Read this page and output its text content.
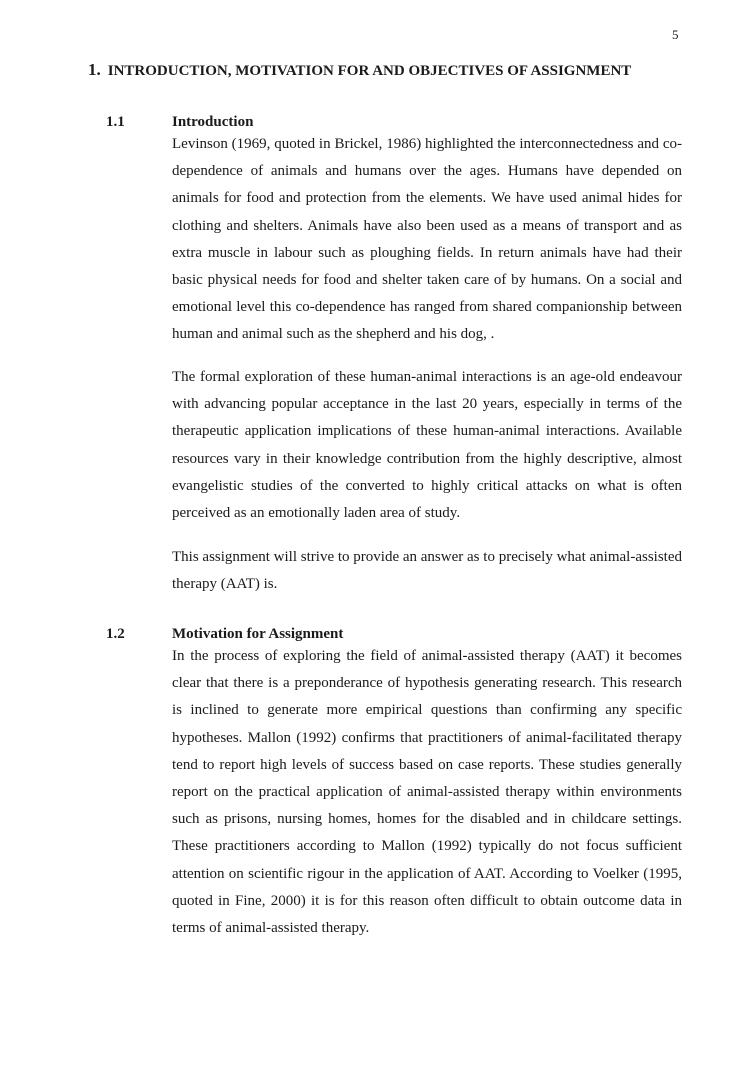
5
1. INTRODUCTION, MOTIVATION FOR AND OBJECTIVES OF ASSIGNMENT
1.1	Introduction

Levinson (1969, quoted in Brickel, 1986) highlighted the interconnectedness and co-dependence of animals and humans over the ages. Humans have depended on animals for food and protection from the elements. We have used animal hides for clothing and shelters. Animals have also been used as a means of transport and as extra muscle in labour such as ploughing fields. In return animals have had their basic physical needs for food and shelter taken care of by humans. On a social and emotional level this co-dependence has ranged from shared companionship between human and animal such as the shepherd and his dog, .

The formal exploration of these human-animal interactions is an age-old endeavour with advancing popular acceptance in the last 20 years, especially in terms of the therapeutic application implications of these human-animal interactions. Available resources vary in their knowledge contribution from the highly descriptive, almost evangelistic studies of the converted to highly critical attacks on what is often perceived as an emotionally laden area of study.

This assignment will strive to provide an answer as to precisely what animal-assisted therapy (AAT) is.

1.2	Motivation for Assignment

In the process of exploring the field of animal-assisted therapy (AAT) it becomes clear that there is a preponderance of hypothesis generating research. This research is inclined to generate more empirical questions than confirming any specific hypotheses. Mallon (1992) confirms that practitioners of animal-facilitated therapy tend to report high levels of success based on case reports. These studies generally report on the practical application of animal-assisted therapy within environments such as prisons, nursing homes, homes for the disabled and in childcare settings. These practitioners according to Mallon (1992) typically do not focus sufficient attention on scientific rigour in the application of AAT. According to Voelker (1995, quoted in Fine, 2000) it is for this reason often difficult to obtain outcome data in terms of animal-assisted therapy.
